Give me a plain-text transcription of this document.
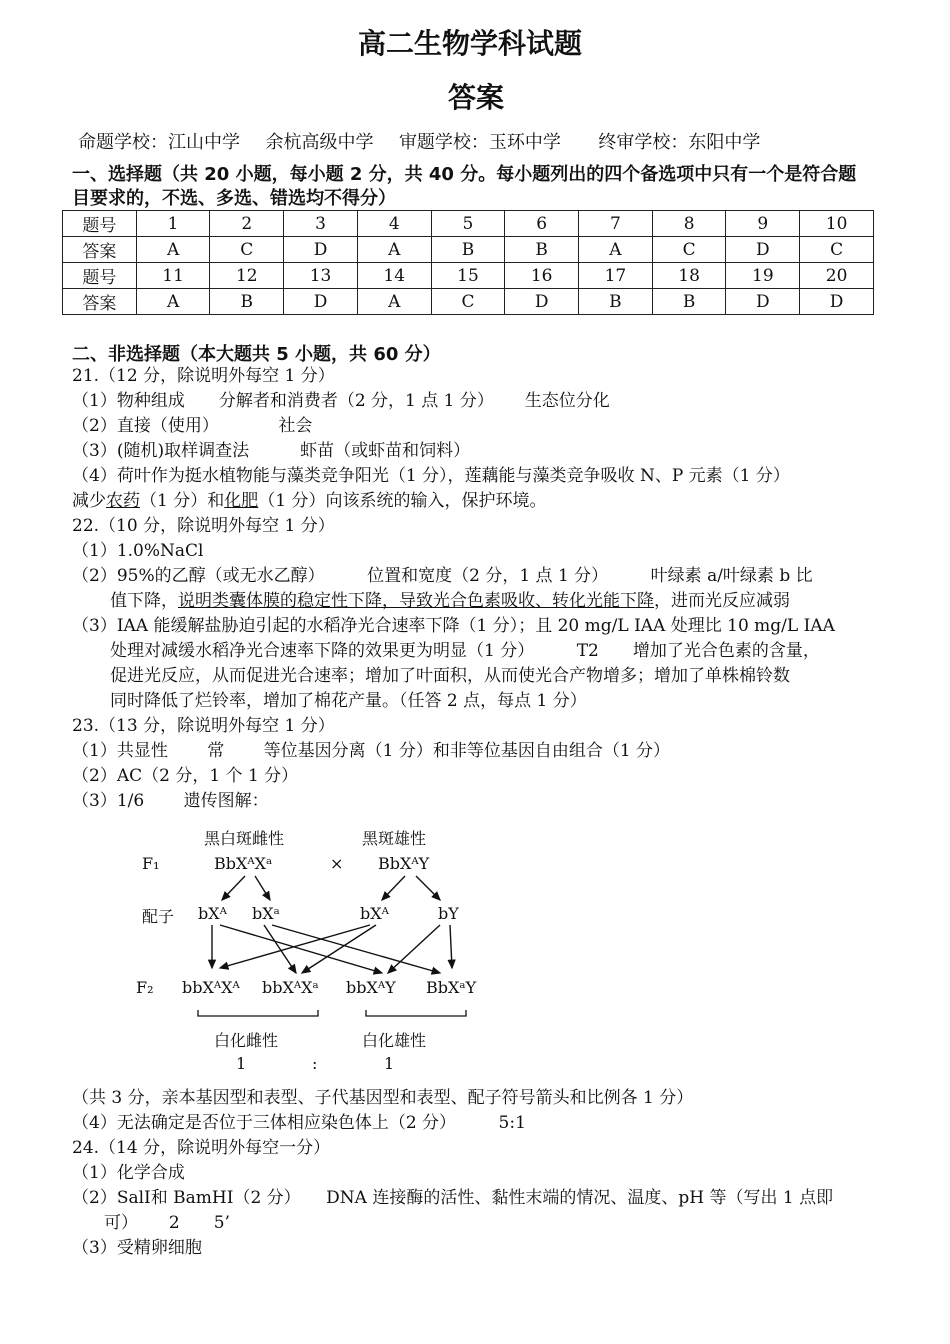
高二生物学科试题
答案
命题学校：江山中学 余杭高级中学 审题学校：玉环中学 终审学校：东阳中学
一、选择题（共 20 小题，每小题 2 分，共 40 分。每小题列出的四个备选项中只有一个是符合题
目要求的，不选、多选、错选均不得分）
题号	1	2	3	4	5	6	7	8	9	10
答案	A	C	D	A	B	B	A	C	D	C
题号	11	12	13	14	15	16	17	18	19	20
答案	A	B	D	A	C	D	B	B	D	D
二、非选择题（本大题共 5 小题，共 60 分）
21.（12 分，除说明外每空 1 分）
（1）物种组成　　分解者和消费者（2 分，1 点 1 分）　　 生态位分化
（2）直接（使用）　　　　社会
（3）(随机)取样调查法　　　虾苗（或虾苗和饲料）
（4）荷叶作为挺水植物能与藻类竞争阳光（1 分），莲藕能与藻类竞争吸收 N、P 元素（1 分）
减少农药（1 分）和化肥（1 分）向该系统的输入，保护环境。
22.（10 分，除说明外每空 1 分）
（1）1.0%NaCl
（2）95%的乙醇（或无水乙醇）　　　位置和宽度（2 分，1 点 1 分）　　　叶绿素 a/叶绿素 b 比
值下降，说明类囊体膜的稳定性下降，导致光合色素吸收、转化光能下降，进而光反应减弱
（3）IAA 能缓解盐胁迫引起的水稻净光合速率下降（1 分）；且 20 mg/L IAA 处理比 10 mg/L IAA
处理对减缓水稻净光合速率下降的效果更为明显（1 分）　　　T2　　增加了光合色素的含量，
促进光反应，从而促进光合速率；增加了叶面积，从而使光合产物增多；增加了单株棉铃数
同时降低了烂铃率，增加了棉花产量。（任答 2 点，每点 1 分）
23.（13 分，除说明外每空 1 分）
（1）共显性　　 常　　 等位基因分离（1 分）和非等位基因自由组合（1 分）
（2）AC（2 分，1 个 1 分）
（3）1/6　　 遗传图解：
黑白斑雌性	黑斑雄性
F₁	BbXᴬXᵃ	× BbXᴬY
配子 bXᴬ bXᵃ	bXᴬ	bY
F₂ bbXᴬXᴬ bbXᴬXᵃ bbXᴬY BbXᵃY
白化雌性	白化雄性
1	:	1
（共 3 分，亲本基因型和表型、子代基因型和表型、配子符号箭头和比例各 1 分）
（4）无法确定是否位于三体相应染色体上（2 分）　　　5:1
24.（14 分，除说明外每空一分）
（1）化学合成
（2）SalⅠ和 BamHⅠ（2 分）　　DNA 连接酶的活性、黏性末端的情况、温度、pH 等（写出 1 点即
可）　　 2　　5’
（3）受精卵细胞
